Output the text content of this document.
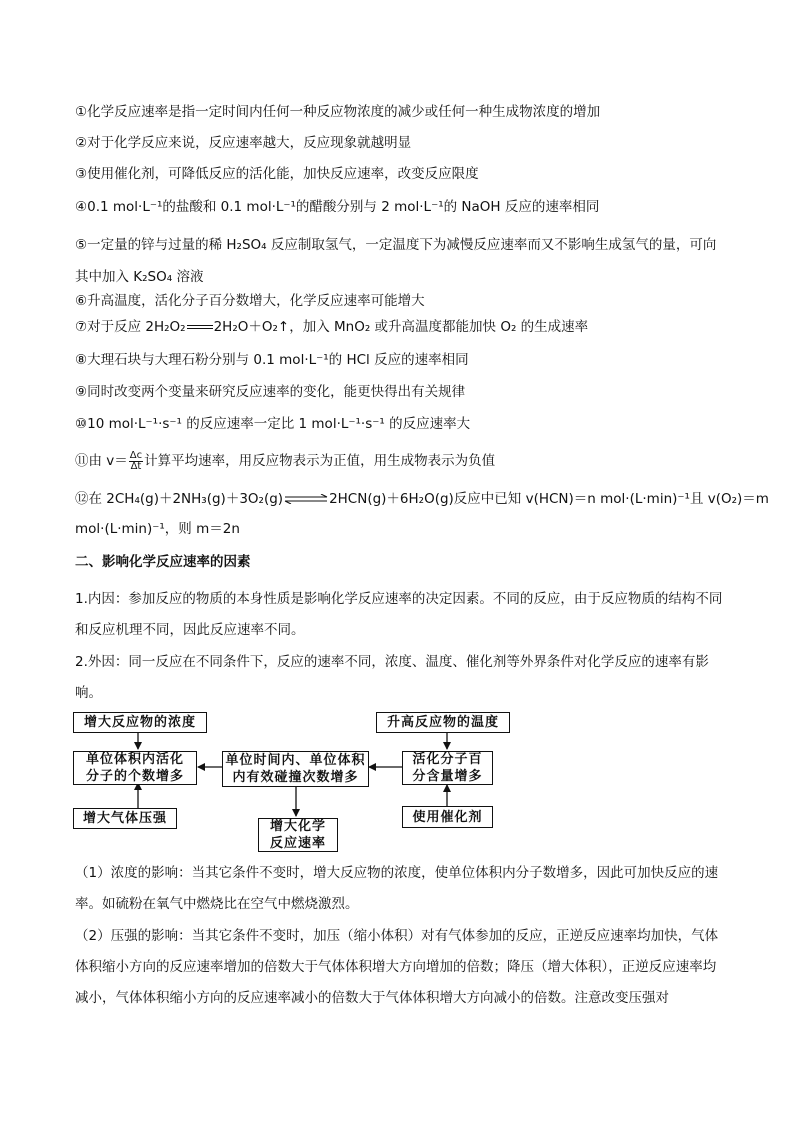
①化学反应速率是指一定时间内任何一种反应物浓度的减少或任何一种生成物浓度的增加
②对于化学反应来说，反应速率越大，反应现象就越明显
③使用催化剂，可降低反应的活化能，加快反应速率，改变反应限度
④0.1 mol·L⁻¹的盐酸和 0.1 mol·L⁻¹的醋酸分别与 2 mol·L⁻¹的 NaOH 反应的速率相同
⑤一定量的锌与过量的稀 H₂SO₄ 反应制取氢气，一定温度下为减慢反应速率而又不影响生成氢气的量，可向其中加入 K₂SO₄ 溶液
⑥升高温度，活化分子百分数增大，化学反应速率可能增大
⑦对于反应 2H₂O₂ 2H₂O＋O₂↑，加入 MnO₂ 或升高温度都能加快 O₂ 的生成速率
⑧大理石块与大理石粉分别与 0.1 mol·L⁻¹的 HCl 反应的速率相同
⑨同时改变两个变量来研究反应速率的变化，能更快得出有关规律
⑩10 mol·L⁻¹·s⁻¹ 的反应速率一定比 1 mol·L⁻¹·s⁻¹ 的反应速率大
⑪由 $v= \frac{\Delta c}{\Delta t}$ 计算平均速率，用反应物表示为正值，用生成物表示为负值
⑫在 2CH₄(g)＋2NH₃(g)＋3O₂(g)⇌2HCN(g)＋6H₂O(g)反应中已知 v(HCN)＝n mol·(L·min)⁻¹且 v(O₂)＝m
mol·(L·min)⁻¹，则 m＝2n
二、影响化学反应速率的因素
1.内因：参加反应的物质的本身性质是影响化学反应速率的决定因素。不同的反应，由于反应物质的结构不同和反应机理不同，因此反应速率不同。
2.外因：同一反应在不同条件下，反应的速率不同，浓度、温度、催化剂等外界条件对化学反应的速率有影响。
增大反应物的浓度
单位体积内活化
分子的个数增多
增大气体压强
单位时间内、单位体积
内有效碰撞次数增多
增大化学
反应速率
升高反应物的温度
活化分子百
分含量增多
使用催化剂
（1）浓度的影响：当其它条件不变时，增大反应物的浓度，使单位体积内分子数增多，因此可加快反应的速率。如硫粉在氧气中燃烧比在空气中燃烧激烈。
（2）压强的影响：当其它条件不变时，加压（缩小体积）对有气体参加的反应，正逆反应速率均加快，气体体积缩小方向的反应速率增加的倍数大于气体体积增大方向增加的倍数；降压（增大体积），正逆反应速率均减小，气体体积缩小方向的反应速率减小的倍数大于气体体积增大方向减小的倍数。注意改变压强对
